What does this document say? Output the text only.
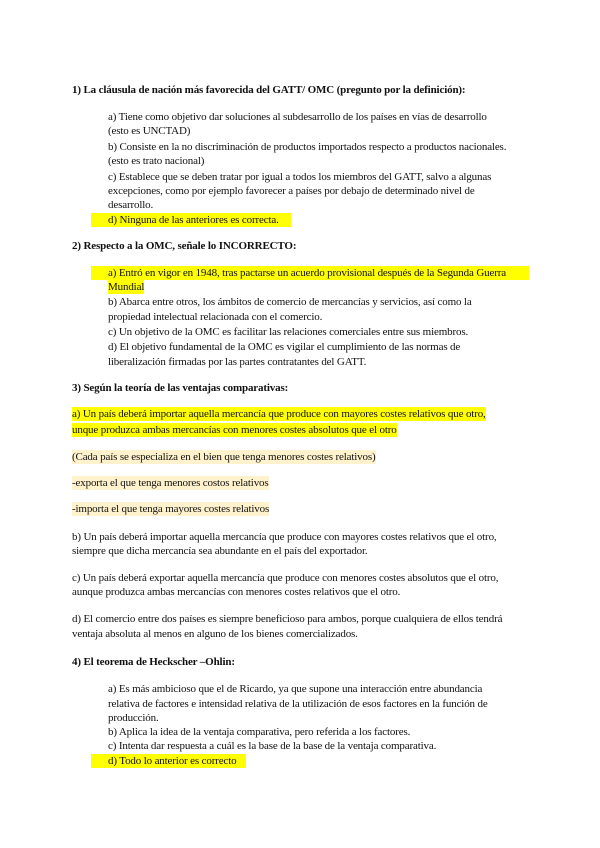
1) La cláusula de nación más favorecida del GATT/ OMC (pregunto por la definición):
a) Tiene como objetivo dar soluciones al subdesarrollo de los países en vías de desarrollo
(esto es UNCTAD)
b) Consiste en la no discriminación de productos importados respecto a productos nacionales.
(esto es trato nacional)
c) Establece que se deben tratar por igual a todos los miembros del GATT, salvo a algunas
excepciones, como por ejemplo favorecer a países por debajo de determinado nivel de
desarrollo.
d) Ninguna de las anteriores es correcta.
2) Respecto a la OMC, señale lo INCORRECTO:
a) Entró en vigor en 1948, tras pactarse un acuerdo provisional después de la Segunda Guerra
Mundial
b) Abarca entre otros, los ámbitos de comercio de mercancías y servicios, así como la
propiedad intelectual relacionada con el comercio.
c) Un objetivo de la OMC es facilitar las relaciones comerciales entre sus miembros.
d) El objetivo fundamental de la OMC es vigilar el cumplimiento de las normas de
liberalización firmadas por las partes contratantes del GATT.
3) Según la teoría de las ventajas comparativas:
a) Un país deberá importar aquella mercancía que produce con mayores costes relativos que otro,
unque produzca ambas mercancías con menores costes absolutos que el otro
(Cada país se especializa en el bien que tenga menores costes relativos)
-exporta el que tenga menores costos relativos
-importa el que tenga mayores costes relativos
b) Un país deberá importar aquella mercancía que produce con mayores costes relativos que el otro,
siempre que dicha mercancía sea abundante en el país del exportador.
c) Un país deberá exportar aquella mercancía que produce con menores costes absolutos que el otro,
aunque produzca ambas mercancías con menores costes relativos que el otro.
d) El comercio entre dos países es siempre beneficioso para ambos, porque cualquiera de ellos tendrá
ventaja absoluta al menos en alguno de los bienes comercializados.
4) El teorema de Heckscher –Ohlin:
a) Es más ambicioso que el de Ricardo, ya que supone una interacción entre abundancia
relativa de factores e intensidad relativa de la utilización de esos factores en la función de
producción.
b) Aplica la idea de la ventaja comparativa, pero referida a los factores.
c) Intenta dar respuesta a cuál es la base de la base de la ventaja comparativa.
d) Todo lo anterior es correcto
